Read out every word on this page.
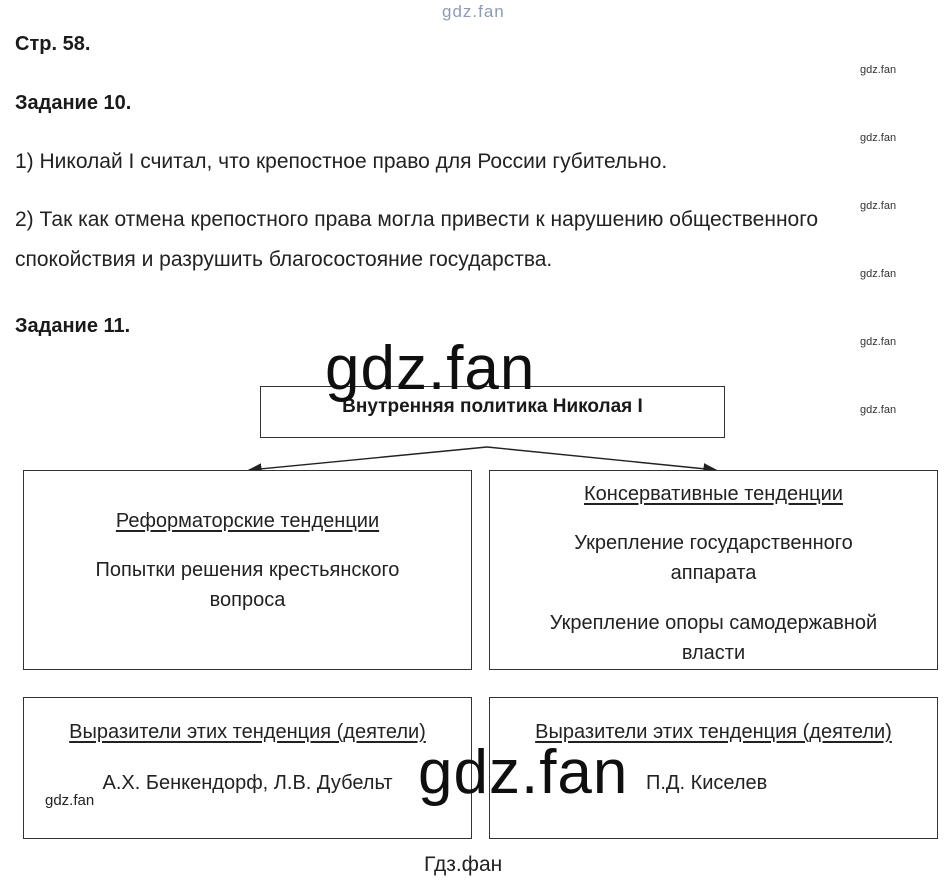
gdz.fan
Стр. 58.
Задание 10.
1) Николай I считал, что крепостное право для России губительно.
2) Так как отмена крепостного права могла привести к нарушению общественного
спокойствия и разрушить благосостояние государства.
Задание 11.
gdz.fan
gdz.fan
gdz.fan
gdz.fan
gdz.fan
gdz.fan
Внутренняя политика Николая I
Реформаторские тенденции
Попытки решения крестьянского
вопроса
Консервативные тенденции
Укрепление государственного
аппарата
Укрепление опоры самодержавной
власти
Выразители этих тенденция (деятели)
А.Х. Бенкендорф, Л.В. Дубельт
Выразители этих тенденция (деятели)
П.Д. Киселев
gdz.fan
gdz.fan
gdz.fan
Гдз.фан
